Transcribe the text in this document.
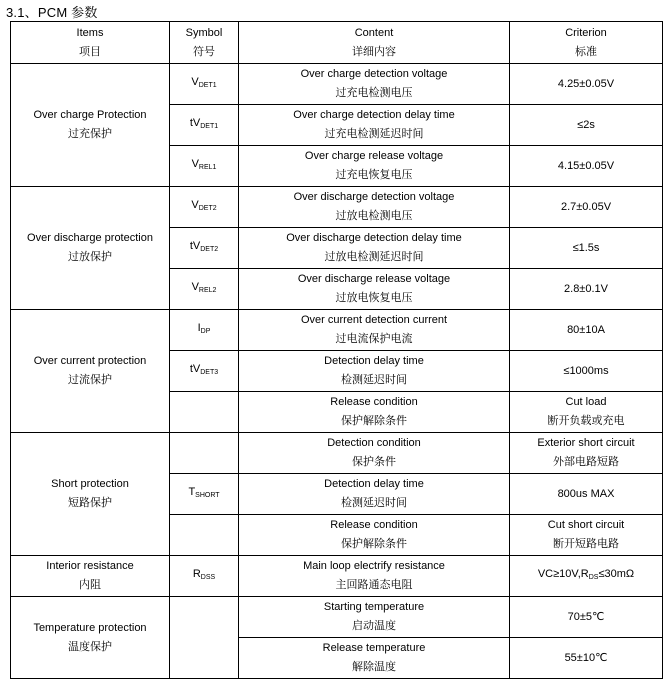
3.1、PCM 参数
Items
项目	Symbol
符号	Content
详细内容	Criterion
标准

Over charge Protection
过充保护	$V_{DET1}$	Over charge detection voltage
过充电检测电压	4.25±0.05V
	$tV_{DET1}$	Over charge detection delay time
过充电检测延迟时间	≤2s
	$V_{REL1}$	Over charge release voltage
过充电恢复电压	4.15±0.05V

Over discharge protection
过放保护	$V_{DET2}$	Over discharge detection voltage
过放电检测电压	2.7±0.05V
	$tV_{DET2}$	Over discharge detection delay time
过放电检测延迟时间	≤1.5s
	$V_{REL2}$	Over discharge release voltage
过放电恢复电压	2.8±0.1V

Over current protection
过流保护	$I_{DP}$	Over current detection current
过电流保护电流	80±10A
	$tV_{DET3}$	Detection delay time
检测延迟时间	≤1000ms

		Release condition
保护解除条件	Cut load
断开负载或充电

Short protection
短路保护		Detection condition
保护条件	Exterior short circuit
外部电路短路

	$T_{SHORT}$	Detection delay time
检测延迟时间	800us MAX

		Release condition
保护解除条件	Cut short circuit
断开短路电路

Interior resistance
内阻	$R_{DSS}$	Main loop electrify resistance
主回路通态电阻	$VC\ge 10V,R_{DS}\le 30m\Omega$

Temperature protection
温度保护		Starting temperature
启动温度	70±5℃

		Release temperature
解除温度	55±10℃
